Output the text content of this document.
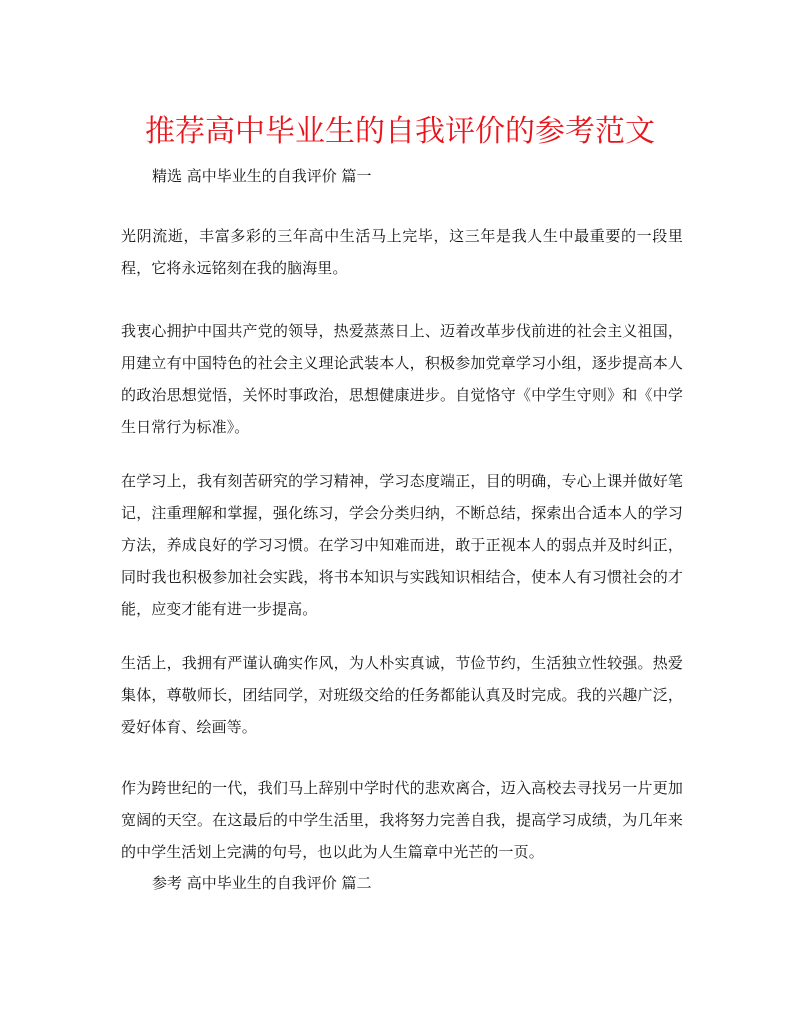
推荐高中毕业生的自我评价的参考范文
精选 高中毕业生的自我评价 篇一
光阴流逝，丰富多彩的三年高中生活马上完毕，这三年是我人生中最重要的一段里程，它将永远铭刻在我的脑海里。
我衷心拥护中国共产党的领导，热爱蒸蒸日上、迈着改革步伐前进的社会主义祖国，用建立有中国特色的社会主义理论武装本人，积极参加党章学习小组，逐步提高本人的政治思想觉悟，关怀时事政治，思想健康进步。自觉恪守《中学生守则》和《中学生日常行为标准》。
在学习上，我有刻苦研究的学习精神，学习态度端正，目的明确，专心上课并做好笔记，注重理解和掌握，强化练习，学会分类归纳，不断总结，探索出合适本人的学习方法，养成良好的学习习惯。在学习中知难而进，敢于正视本人的弱点并及时纠正，同时我也积极参加社会实践，将书本知识与实践知识相结合，使本人有习惯社会的才能，应变才能有进一步提高。
生活上，我拥有严谨认确实作风，为人朴实真诚，节俭节约，生活独立性较强。热爱集体，尊敬师长，团结同学，对班级交给的任务都能认真及时完成。我的兴趣广泛，爱好体育、绘画等。
作为跨世纪的一代，我们马上辞别中学时代的悲欢离合，迈入高校去寻找另一片更加宽阔的天空。在这最后的中学生活里，我将努力完善自我，提高学习成绩，为几年来的中学生活划上完满的句号，也以此为人生篇章中光芒的一页。
参考 高中毕业生的自我评价 篇二
